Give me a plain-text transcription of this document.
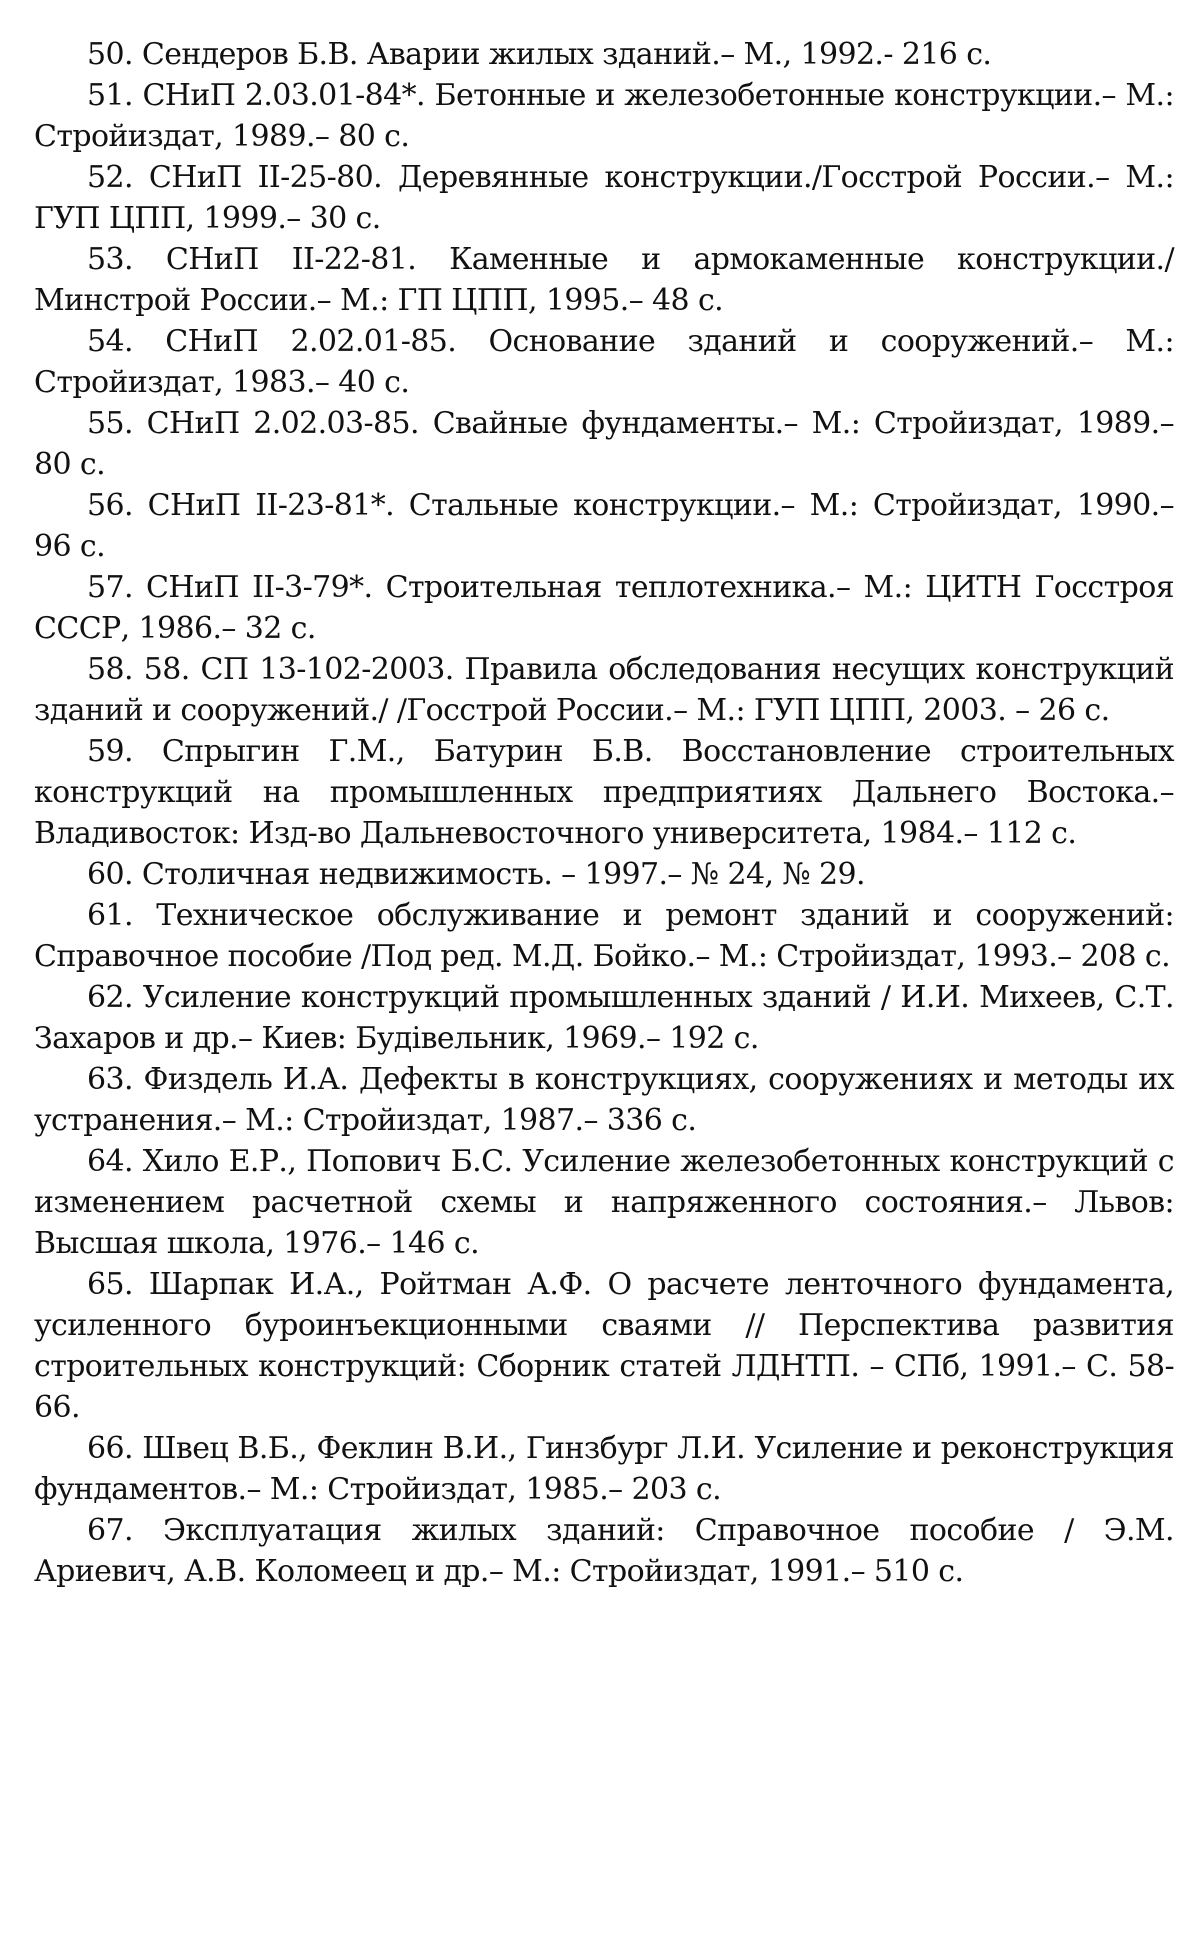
50. Сендеров Б.В. Аварии жилых зданий.– М., 1992.- 216 с.

51. СНиП 2.03.01-84*. Бетонные и железобетонные конструкции.– М.: Стройиздат, 1989.– 80 с.

52. СНиП II-25-80. Деревянные конструкции./Госстрой России.– М.: ГУП ЦПП, 1999.– 30 с.

53. СНиП II-22-81. Каменные и армокаменные конструкции./Минстрой России.– М.: ГП ЦПП, 1995.– 48 с.

54. СНиП 2.02.01-85. Основание зданий и сооружений.– М.: Стройиздат, 1983.– 40 с.

55. СНиП 2.02.03-85. Свайные фундаменты.– М.: Стройиздат, 1989.– 80 с.

56. СНиП II-23-81*. Стальные конструкции.– М.: Стройиздат, 1990.– 96 с.

57. СНиП II-3-79*. Строительная теплотехника.– М.: ЦИТН Госстроя СССР, 1986.– 32 с.

58. 58. СП 13-102-2003. Правила обследования несущих конструкций зданий и сооружений./ /Госстрой России.– М.: ГУП ЦПП, 2003. – 26 с.

59. Спрыгин Г.М., Батурин Б.В. Восстановление строительных конструкций на промышленных предприятиях Дальнего Востока.– Владивосток: Изд-во Дальневосточного университета, 1984.– 112 с.

60. Столичная недвижимость. – 1997.– № 24, № 29.

61. Техническое обслуживание и ремонт зданий и сооружений: Справочное пособие /Под ред. М.Д. Бойко.– М.: Стройиздат, 1993.– 208 с.

62. Усиление конструкций промышленных зданий / И.И. Михеев, С.Т. Захаров и др.– Киев: Будiвельник, 1969.– 192 с.

63. Физдель И.А. Дефекты в конструкциях, сооружениях и методы их устранения.– М.: Стройиздат, 1987.– 336 с.

64. Хило Е.Р., Попович Б.С. Усиление железобетонных конструкций с изменением расчетной схемы и напряженного состояния.– Львов: Высшая школа, 1976.– 146 с.

65. Шарпак И.А., Ройтман А.Ф. О расчете ленточного фундамента, усиленного буроинъекционными сваями // Перспектива развития строительных конструкций: Сборник статей ЛДНТП. – СПб, 1991.– С. 58-66.

66. Швец В.Б., Феклин В.И., Гинзбург Л.И. Усиление и реконструкция фундаментов.– М.: Стройиздат, 1985.– 203 с.

67. Эксплуатация жилых зданий: Справочное пособие / Э.М. Ариевич, А.В. Коломеец и др.– М.: Стройиздат, 1991.– 510 с.
